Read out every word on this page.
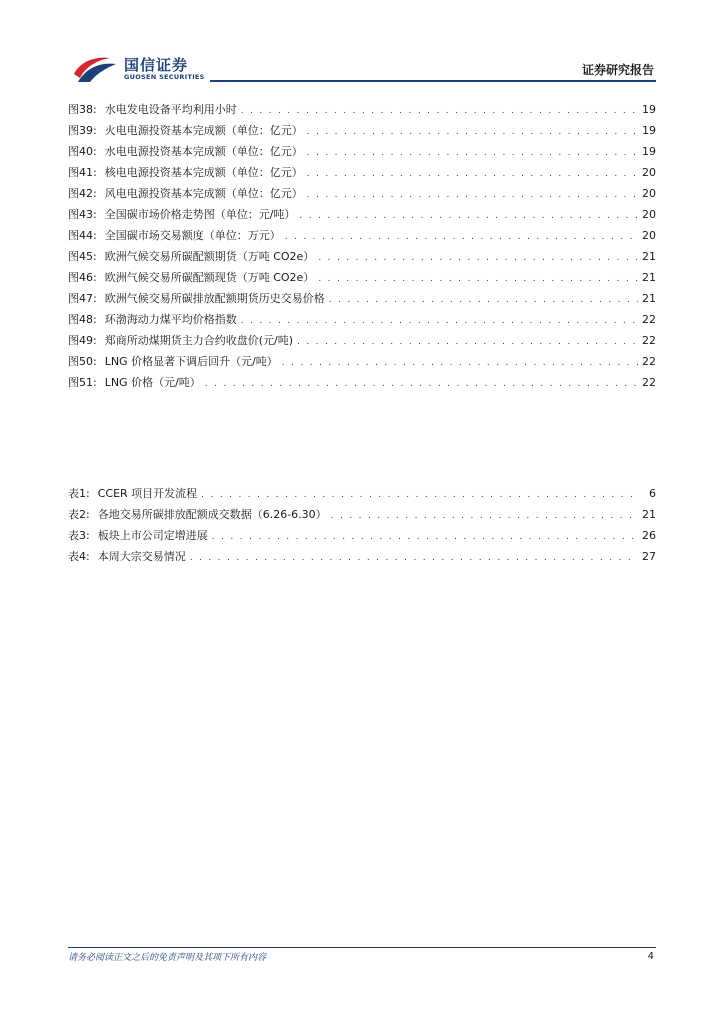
国信证券
GUOSEN SECURITIES	证券研究报告
图38: 水电发电设备平均利用小时 . . .	19
图39: 火电电源投资基本完成额（单位：亿元） . . .	19
图40: 水电电源投资基本完成额（单位：亿元） . . .	19
图41: 核电电源投资基本完成额（单位：亿元） . . .	20
图42: 风电电源投资基本完成额（单位：亿元） . . .	20
图43: 全国碳市场价格走势图（单位：元/吨） . . .	20
图44: 全国碳市场交易额度（单位：万元） . . .	20
图45: 欧洲气候交易所碳配额期货（万吨 CO2e） . . .	21
图46: 欧洲气候交易所碳配额现货（万吨 CO2e） . . .	21
图47: 欧洲气候交易所碳排放配额期货历史交易价格 . . .	21
图48: 环渤海动力煤平均价格指数 . . .	22
图49: 郑商所动煤期货主力合约收盘价(元/吨) . . .	22
图50: LNG 价格显著下调后回升（元/吨） . . .	22
图51: LNG 价格（元/吨） . . .	22
表1: CCER 项目开发流程 . . .	6
表2: 各地交易所碳排放配额成交数据（6.26-6.30） . . .	21
表3: 板块上市公司定增进展 . . .	26
表4: 本周大宗交易情况 . . .	27
请务必阅读正文之后的免责声明及其项下所有内容	4
